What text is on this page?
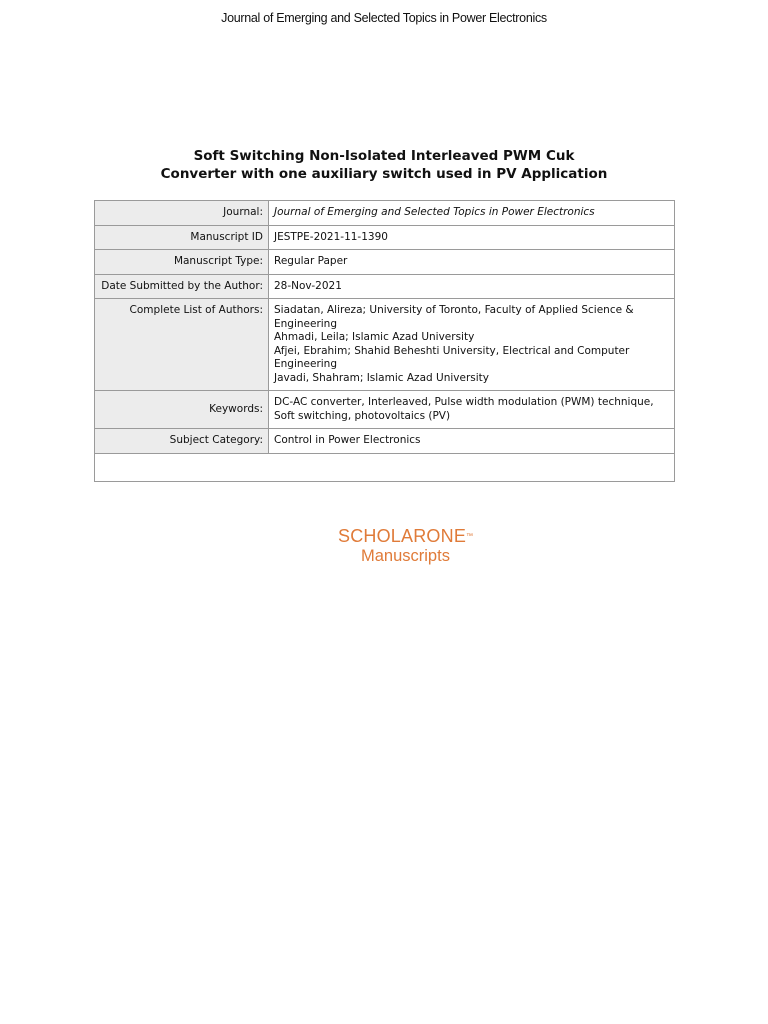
Journal of Emerging and Selected Topics in Power Electronics
Soft Switching Non-Isolated Interleaved PWM Cuk
Converter with one auxiliary switch used in PV Application
Journal:	Journal of Emerging and Selected Topics in Power Electronics
Manuscript ID	JESTPE-2021-11-1390
Manuscript Type:	Regular Paper
Date Submitted by the Author:	28-Nov-2021
Complete List of Authors:	Siadatan, Alireza; University of Toronto, Faculty of Applied Science & Engineering
Ahmadi, Leila; Islamic Azad University
Afjei, Ebrahim; Shahid Beheshti University, Electrical and Computer Engineering
Javadi, Shahram; Islamic Azad University

Keywords:	DC-AC converter, Interleaved, Pulse width modulation (PWM) technique, Soft switching, photovoltaics (PV)
Subject Category:	Control in Power Electronics

SCHOLARONE™
Manuscripts
